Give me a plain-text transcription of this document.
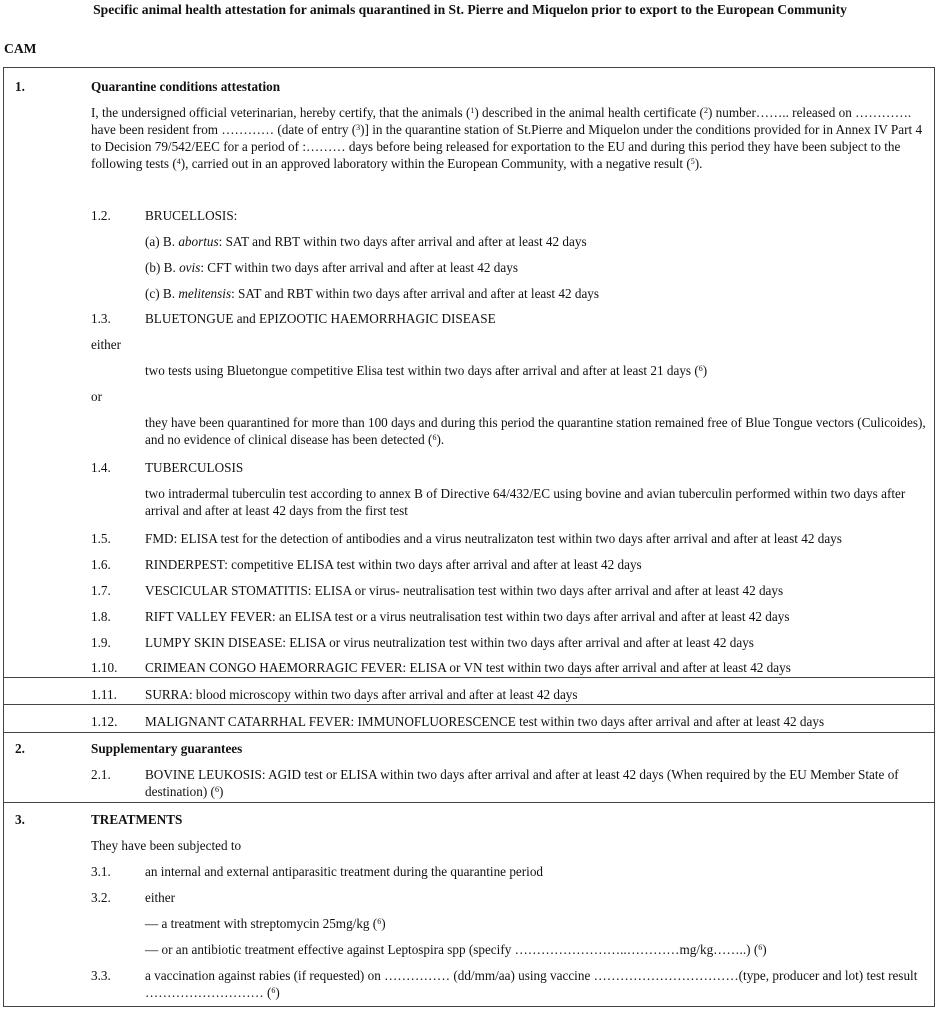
Specific animal health attestation for animals quarantined in St. Pierre and Miquelon prior to export to the European Community
CAM
1.	Quarantine conditions attestation
I, the undersigned official veterinarian, hereby certify, that the animals ($^1$) described in the animal health certificate ($^2$) number…….. released on …………. have been resident from ………… (date of entry ($^3$)] in the quarantine station of St.Pierre and Miquelon under the conditions provided for in Annex IV Part 4 to Decision 79/542/EEC for a period of :……… days before being released for exportation to the EU and during this period they have been subject to the following tests ($^4$), carried out in an approved laboratory within the European Community, with a negative result ($^5$).
1.2.	BRUCELLOSIS:
(a) B. abortus: SAT and RBT within two days after arrival and after at least 42 days
(b) B. ovis: CFT within two days after arrival and after at least 42 days
(c) B. melitensis: SAT and RBT within two days after arrival and after at least 42 days
1.3.	BLUETONGUE and EPIZOOTIC HAEMORRHAGIC DISEASE
either
two tests using Bluetongue competitive Elisa test within two days after arrival and after at least 21 days ($^6$)
or
they have been quarantined for more than 100 days and during this period the quarantine station remained free of Blue Tongue vectors (Culicoides), and no evidence of clinical disease has been detected ($^6$).
1.4.	TUBERCULOSIS
two intradermal tuberculin test according to annex B of Directive 64/432/EC using bovine and avian tuberculin performed within two days after arrival and after at least 42 days from the first test
1.5.	FMD: ELISA test for the detection of antibodies and a virus neutralizaton test within two days after arrival and after at least 42 days
1.6.	RINDERPEST: competitive ELISA test within two days after arrival and after at least 42 days
1.7.	VESCICULAR STOMATITIS: ELISA or virus- neutralisation test within two days after arrival and after at least 42 days
1.8.	RIFT VALLEY FEVER: an ELISA test or a virus neutralisation test within two days after arrival and after at least 42 days
1.9.	LUMPY SKIN DISEASE: ELISA or virus neutralization test within two days after arrival and after at least 42 days
1.10. CRIMEAN CONGO HAEMORRAGIC FEVER: ELISA or VN test within two days after arrival and after at least 42 days
1.11. SURRA: blood microscopy within two days after arrival and after at least 42 days
1.12. MALIGNANT CATARRHAL FEVER: IMMUNOFLUORESCENCE test within two days after arrival and after at least 42 days
2.	Supplementary guarantees
2.1.	BOVINE LEUKOSIS: AGID test or ELISA within two days after arrival and after at least 42 days (When required by the EU Member State of destination) ($^6$)
3.	TREATMENTS
They have been subjected to
3.1.	an internal and external antiparasitic treatment during the quarantine period
3.2.	either
— a treatment with streptomycin 25mg/kg ($^6$)
— or an antibiotic treatment effective against Leptospira spp (specify ……………………..…………mg/kg……..) ($^6$)
3.3.	a vaccination against rabies (if requested) on …………… (dd/mm/aa) using vaccine ……………………………(type, producer and lot) test result ……………………… ($^6$)
